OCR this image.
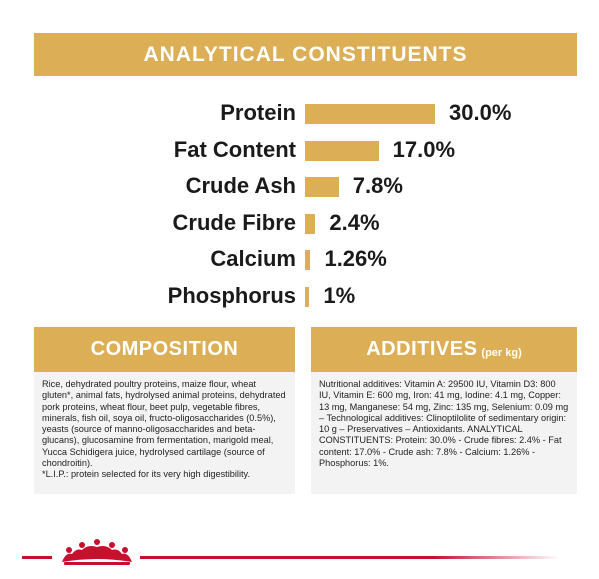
ANALYTICAL CONSTITUENTS
Protein	30.0%
Fat Content	17.0%
Crude Ash	7.8%
Crude Fibre 2.4%
Calcium 1.26%
Phosphorus 1%
COMPOSITION	ADDITIVES (per kg)
Rice, dehydrated poultry proteins, maize flour, wheat gluten*, animal fats, hydrolysed animal proteins, dehydrated pork proteins, wheat flour, beet pulp, vegetable fibres, minerals, fish oil, soya oil, fructo-oligosaccharides (0.5%), yeasts (source of manno-oligosaccharides and beta-glucans), glucosamine from fermentation, marigold meal, Yucca Schidigera juice, hydrolysed cartilage (source of chondroitin).
*L.I.P.: protein selected for its very high digestibility.
Nutritional additives: Vitamin A: 29500 IU, Vitamin D3: 800 IU, Vitamin E: 600 mg, Iron: 41 mg, Iodine: 4.1 mg, Copper: 13 mg, Manganese: 54 mg, Zinc: 135 mg, Selenium: 0.09 mg – Technological additives: Clinoptilolite of sedimentary origin: 10 g – Preservatives – Antioxidants. ANALYTICAL CONSTITUENTS: Protein: 30.0% - Crude fibres: 2.4% - Fat content: 17.0% - Crude ash: 7.8% - Calcium: 1.26% - Phosphorus: 1%.
